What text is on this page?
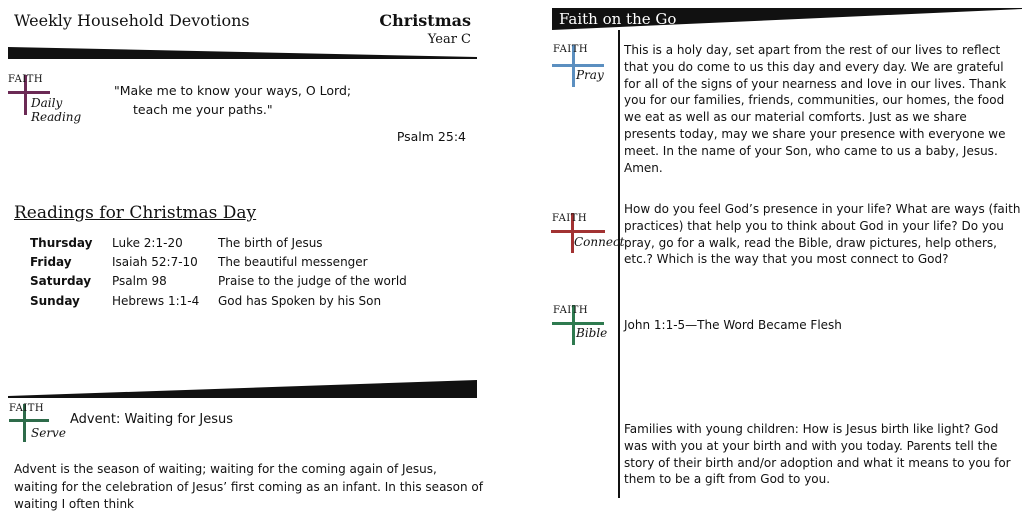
Weekly Household Devotions	Christmas
Year C
FAITH
Daily Reading
"Make me to know your ways, O Lord;
teach me your paths."
Psalm 25:4
Readings for Christmas Day
Thursday	Luke 2:1-20	The birth of Jesus
Friday	Isaiah 52:7-10	The beautiful messenger
Saturday	Psalm 98	Praise to the judge of the world
Sunday	Hebrews 1:1-4	God has Spoken by his Son
FAITH
Serve
Advent: Waiting for Jesus
Advent is the season of waiting; waiting for the coming again of Jesus, waiting for the celebration of Jesus’ first coming as an infant. In this season of waiting I often think
Faith on the Go
FAITH
Pray
This is a holy day, set apart from the rest of our lives to reflect that you do come to us this day and every day. We are grateful for all of the signs of your nearness and love in our lives. Thank you for our families, friends, communities, our homes, the food we eat as well as our material comforts. Just as we share presents today, may we share your presence with everyone we meet. In the name of your Son, who came to us a baby, Jesus. Amen.
FAITH
Connect
How do you feel God’s presence in your life? What are ways (faith practices) that help you to think about God in your life? Do you pray, go for a walk, read the Bible, draw pictures, help others, etc.? Which is the way that you most connect to God?
FAITH
Bible
John 1:1-5—The Word Became Flesh
Families with young children: How is Jesus birth like light? God was with you at your birth and with you today. Parents tell the story of their birth and/or adoption and what it means to you for them to be a gift from God to you.
